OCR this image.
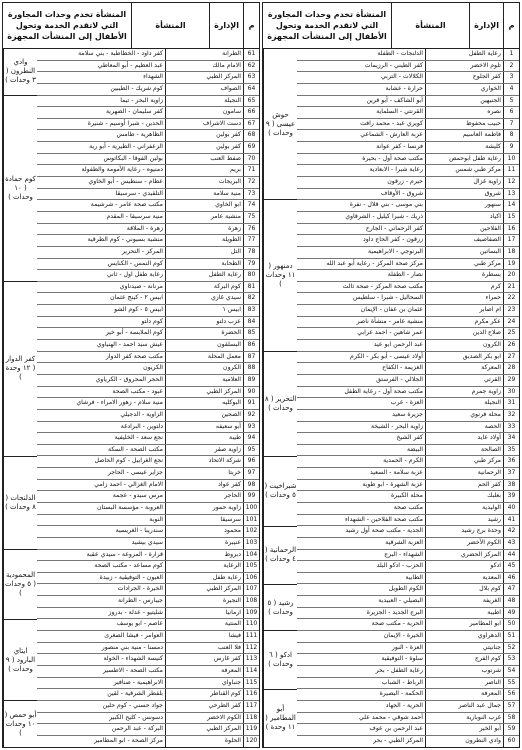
م
الإدارة
المنشأة
المنشأة تخدم وحدات المجاورة التي لاتقدم الخدمة وتحول الأطفال إلى المنشأت المجهزة
1
رعاية الطفل
الدلنجات - الطفلة
2
تلوم الاخضر
كفر الطيني - الرزيمات
3
كفر الجلوح
الكلالات - التربي
4
الخواري
حرارة - عشابة
5
الجنيهين
أبو الشاكف - أبو قرين
6
نصره
القرنتي - السلماية
7
حبيب محفوظ
كويري عبد - محمد رافت
8
فاطمة العاسيم
عزبة العارش - الشماعي
9
كليشة
فرنسا - كفر عوانة
10
رعاية طفل ابوحمص
مكتب صحة أول - بحيرة
11
مركز طبي شمس
رعاية شبرا - الابعادية
12
زاوية غزال
حيرم - زرقون
13
شروق
شروق - الأوقاف
14
سنهور
بني موسى - بني قلال - نفرة
15
اكياد
ذريك - شبرا كيليل - الشرقاوي
16
الفلاحين
كفر الرحماني - الجارح
17
الصفاصيف
زرقون - كفر الحاج داود
18
البساتين
البرنوجي - الابراهيمية
19
مركز طبي
مركز صحة المركز - رعاية أبو عبد الله
20
بسطرة
نصار - الطفلة
21
كرم
مكتب صحة المركز - صحة ثالث
22
حمراء
السحاليل - شبرا - سلطيس
23
ام اصابر
عثمان بن عفان - الإيمان
24
عكر مكرم
منشية عامر - منشأة ناصر
25
صلاح الدين
عمر شاهين - احمد عرابي
26
الكرون
عبد الرحمن ابو عيد
27
ابو بكر الصديق
أولاد عيسى - أبو بكر - الكرم
28
المعركة
الغزيمة - الكفاح
29
القرتي
الجلالي - الفرستق
30
زاوية جمرم
مكتب صحة أول - رعاية الطفل
31
النجيلة
العزة - عرب
32
محلة فرنوي
جزيرة سعيد
33
الحصة
زاوية البحر - الشيخة
34
أولاد عايد
كفر الشيخ
35
الصالحة
البيضة
36
مركز طبي
الكرم - الحمدية
37
الرحمانية
عزبة سلامة - السعيد
38
كفر الحم
عزبة الشهرة - ابو طوبة
39
بعلبك
محلة الكبيرة
40
الوليدية
مكتب صحة
41
رشيد
مكتب صحة الفلاحين - الشهداء
42
وحدة برج رشيد
الجدية - مكتب صحة أول رشيد
43
الكوم الأخضر
العزبة الشرقية
44
المركز الحضري
الشهداء - البرج
45
ادكو
الحزب - ادكو البلد
46
المعدية
الطابية
47
كوم بلال
الكوم الطويل
48
الغريفة
البصيلي - العبيدية
49
اطيبة
البرج الجديد - الجزيرة
50
ابو المطامير
الحرية - مكتب صحة
51
الدهراوي
الخيرة - الإيمان
52
جنانيتي
العزة - النور
53
كوم الفرج
سلوة - التوفيقية
54
شرنوب
رعاية الطفل - بحر
55
الناصر
الرباط - الشباب
56
المعرفة
الحكمة - البصيرة
57
جمال عبد الناصر
الحرية - الجهاد
58
غرب النوبارية
أحمد شوقي - محمد علي
59
أبو الخير
عبد الرحمن بن عوف
60
وادي النطرون
المركز الطبي - بحر
حوش عيسى ( ٩ وحدات )
دمنهور ( ١١ وحدات )
التحرير ( ٨ وحدات )
شبراخيت ( ٥ وحدات )
الرحمانية ( ٤ وحدات )
رشيد ( ٥ وحدات )
ادكو ( ٦ وحدات )
أبو المطامير ( ١١ وحدة )
م
الإدارة
المنشأة
المنشأة تخدم وحدات المجاورة التي لاتقدم الخدمة وتحول الأطفال إلى المنشأت المجهزة
61
الطرانة
كفر داود - الخطاطبة - بني سلامة
62
الامام مالك
عبد العظيم - أبو المعاطي
63
المركز الطبي
الشهداء
64
الصواف
كوم شريك - الطيبين
65
النجيلة
زاوية البحر - تيما
66
سامون
كفر سليمان - الضهرية
67
دست الاشراف
الحدين - شبرا أوسيم - شنيرة
68
كفر بولين
الظاهرية - طامس
69
كفر بولين
الزعفراني - الطيرية - أبو رية
70
صفط العنب
بولين الفوقا - البكاتوس
71
بريم
دمنيوه - رعاية الأمومة والطفولة
72
البريجات
عطام - سنطيس - أبو الخاوي
73
منية سلامة
التلقيدي - سرسيقا
74
ابو الخاوي
مكتب صحة عامر - شرشيمة
75
منشية عامر
منية سرسيقا - المقدم
76
زهرة
زهرة - الملاقة
77
الطويلة
منشية بسيوني - كوم الطرقية
78
التل
المركز - التحرير
79
الطحابة
كوم النمس - الكنايس
80
رعاية الطفل
رعاية طفل اول - ثاني
81
كوم البركة
مرنانة - صيدناوي
82
سيدي غازي
ابيس ٢ - كينج عثمان
83
ابيس ١
ابيس ٥ - كوم الشو
84
عزب دلتو
كوم دلتو
85
الحضرة
كوم الملابسة - أبو خير
86
البسلقون
عيش سيد احمد - الهنياوي
87
معمل المحلة
مكتب صحة كفر الدوار
88
الكرون
الكريون
89
العلامية
الحجر المحروق - الكرياوي
90
المركز الطبي
عبود - مكتب الصحة
91
البوكليه
منية سلام - زهور الامراء - فرشاي
92
الصحين
الزاوية - الدجيلي
93
أبو سعيفه
دلتوين - البرادغة
94
طيبة
نجع سعد - الخليفية
95
زاوية صقر
مكتب الصحة - السكة
96
شركة الاتحاد
نجع الغرابيل - كوم الحاصل
97
خربتا
جزاير عيسى - الحاجر
98
كفر عواد
الامام الغزالي - احمد زامي
99
الحاجر
مرس سيدو - عجمة
100
زاوية حمور
العروبة - مؤسسة البستان
101
سرسيقا
النوبة
102
محمود
سندريبا - الغريسية
103
عنيبرة
سيدي بيشيد
104
دبروط
قرارة - المروعة - سيدي عقبة
105
الرعاية
كوم مساعد - مكتب الصحة
106
رعاية طفل
العيون - التوفيقية - زبيدة
107
المركز الطبي
الخيرة - الجرادات
108
النجيرة
جيبارس - الطرانة
109
ارمانيا
شليتيو - عدلة - بدروز
110
المنتية
عاصم - ابو يوسف
111
فيشا
العوامر - فيشا الصغرى
112
فلا العنب
دمسنا - منية بني منصور
113
كفر غارس
كنيسة الشهداء - الخولة
114
المعرفة
مكتب الصحة - الاطسير
115
جنباواي
الابراهيمية - صنافير
116
كوم القناطر
بلقطر الشرقية - لقين
117
كفر الطرحي
جواد حسني - كوم حلين
118
الكوم الاخضر
دسونس - كليح الكبير
119
المركز الطبي
البركة - عبد الرحمن
120
الحلوة
مركز الصحة - ابو المطامير
وادي النطرون ( ٣ وحدات )
كوم حمادة ( ١٠ وحدات )
كفر الدوار ( ١٢ وحدة )
الدلنجات ( ٨ وحدات )
المحمودية ( ٥ وحدات )
ايتاي البارود ( ٩ وحدات )
أبو حمص ( ١٠ وحدات )
